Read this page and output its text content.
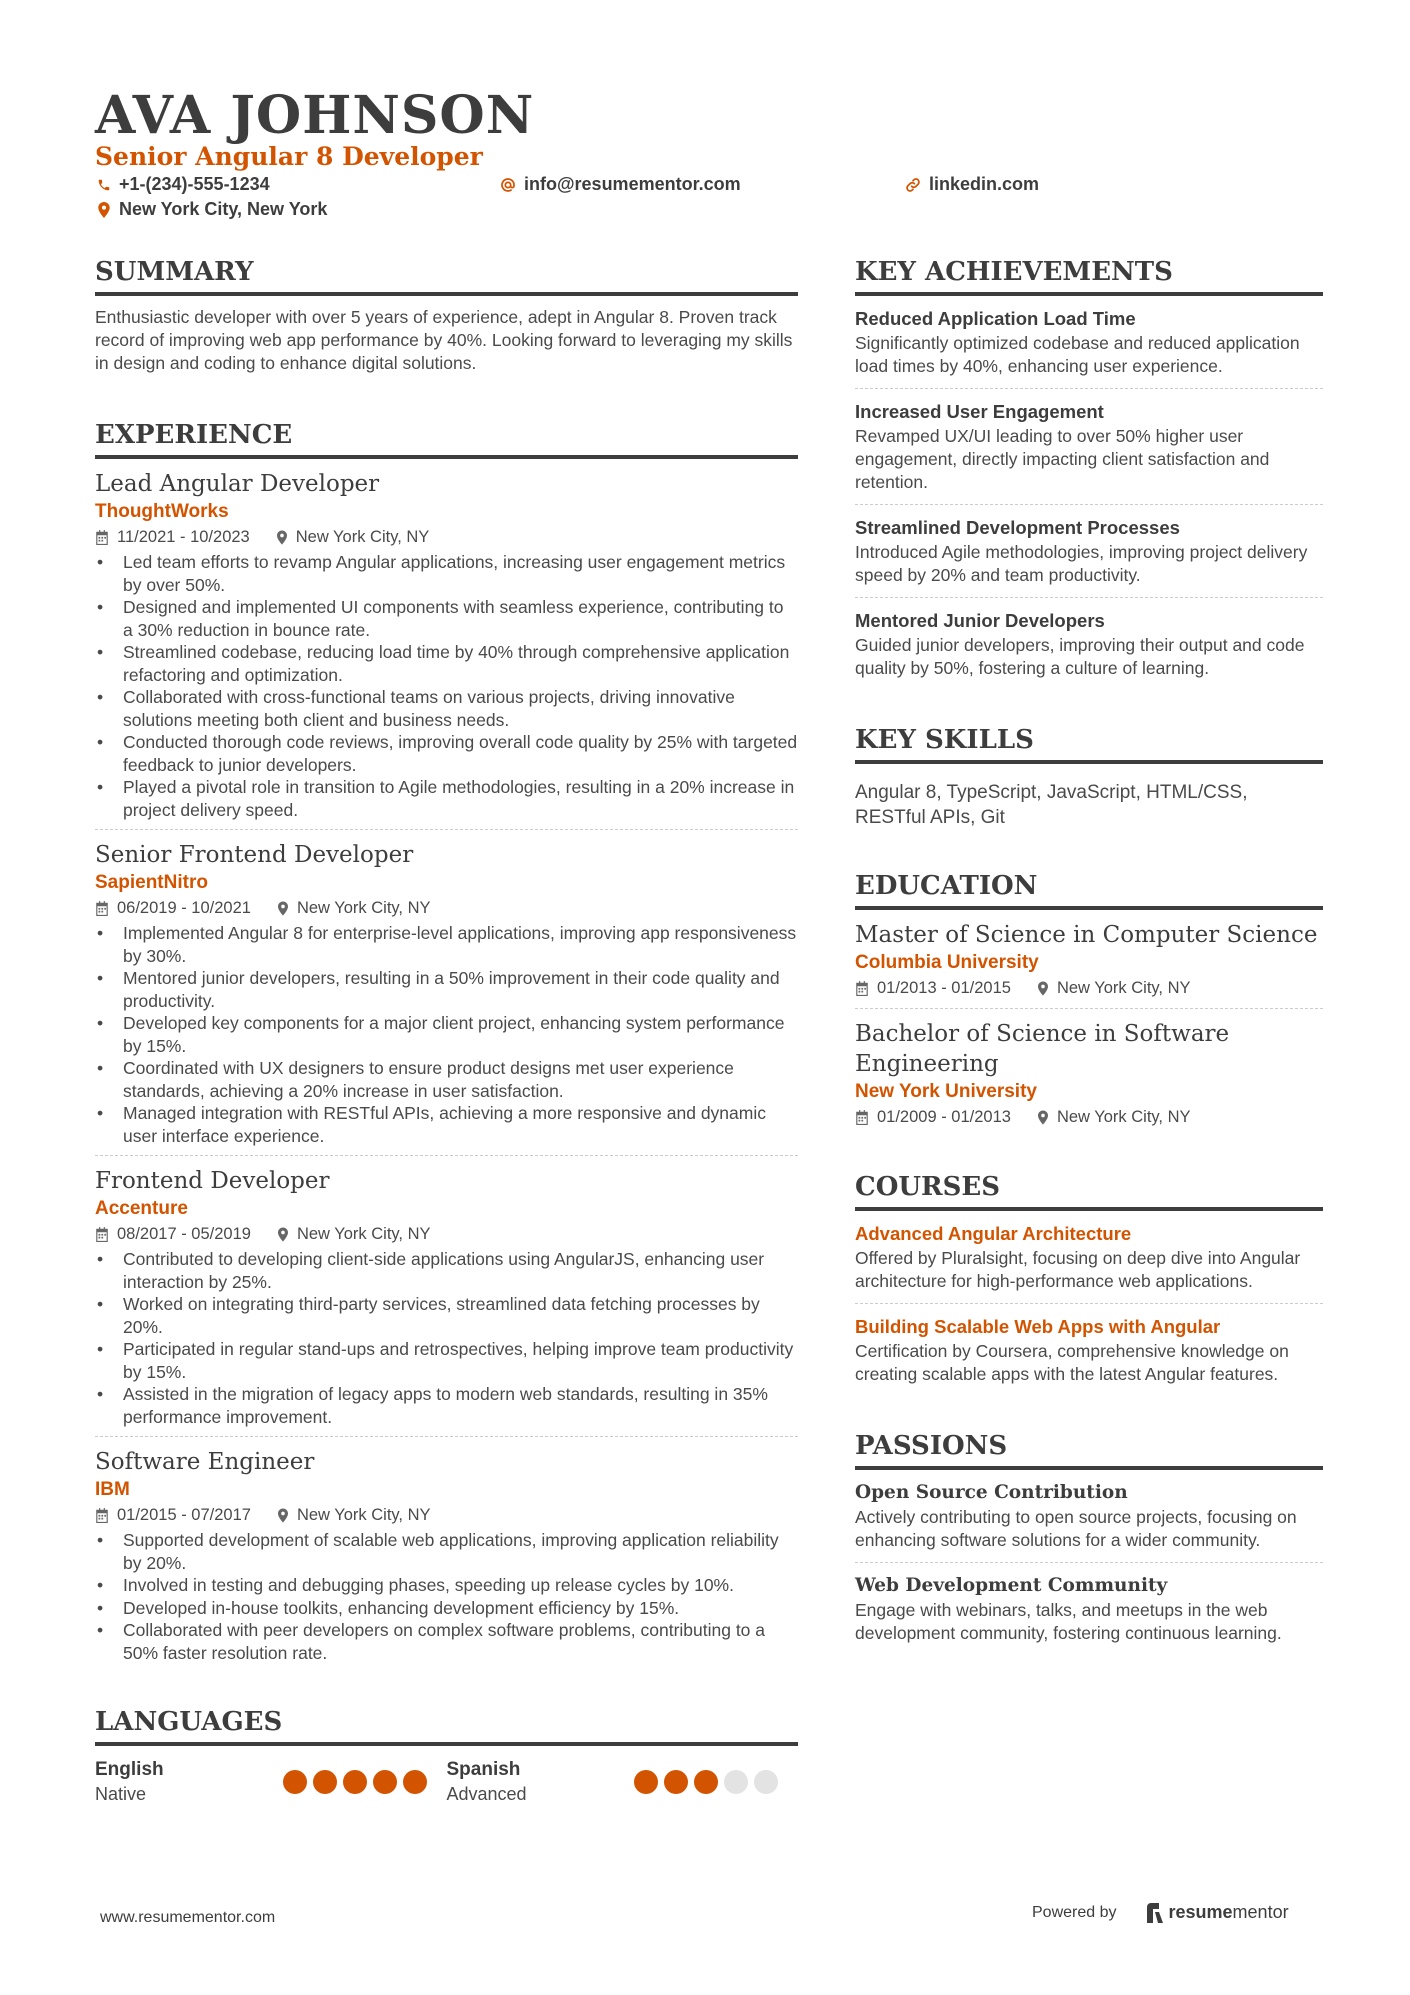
AVA JOHNSON
Senior Angular 8 Developer
+1-(234)-555-1234	info@resumementor.com	linkedin.com
New York City, New York
SUMMARY
Enthusiastic developer with over 5 years of experience, adept in Angular 8. Proven track record of improving web app performance by 40%. Looking forward to leveraging my skills in design and coding to enhance digital solutions.
EXPERIENCE
Lead Angular Developer
ThoughtWorks
11/2021 - 10/2023	New York City, NY
• Led team efforts to revamp Angular applications, increasing user engagement metrics by over 50%.
• Designed and implemented UI components with seamless experience, contributing to a 30% reduction in bounce rate.
• Streamlined codebase, reducing load time by 40% through comprehensive application refactoring and optimization.
• Collaborated with cross-functional teams on various projects, driving innovative solutions meeting both client and business needs.
• Conducted thorough code reviews, improving overall code quality by 25% with targeted feedback to junior developers.
• Played a pivotal role in transition to Agile methodologies, resulting in a 20% increase in project delivery speed.
Senior Frontend Developer
SapientNitro
06/2019 - 10/2021	New York City, NY
• Implemented Angular 8 for enterprise-level applications, improving app responsiveness by 30%.
• Mentored junior developers, resulting in a 50% improvement in their code quality and productivity.
• Developed key components for a major client project, enhancing system performance by 15%.
• Coordinated with UX designers to ensure product designs met user experience standards, achieving a 20% increase in user satisfaction.
• Managed integration with RESTful APIs, achieving a more responsive and dynamic user interface experience.
Frontend Developer
Accenture
08/2017 - 05/2019	New York City, NY
• Contributed to developing client-side applications using AngularJS, enhancing user interaction by 25%.
• Worked on integrating third-party services, streamlined data fetching processes by 20%.
• Participated in regular stand-ups and retrospectives, helping improve team productivity by 15%.
• Assisted in the migration of legacy apps to modern web standards, resulting in 35% performance improvement.
Software Engineer
IBM
01/2015 - 07/2017	New York City, NY
• Supported development of scalable web applications, improving application reliability by 20%.
• Involved in testing and debugging phases, speeding up release cycles by 10%.
• Developed in-house toolkits, enhancing development efficiency by 15%.
• Collaborated with peer developers on complex software problems, contributing to a 50% faster resolution rate.
LANGUAGES
English
Native
Spanish
Advanced
KEY ACHIEVEMENTS
Reduced Application Load Time
Significantly optimized codebase and reduced application load times by 40%, enhancing user experience.
Increased User Engagement
Revamped UX/UI leading to over 50% higher user engagement, directly impacting client satisfaction and retention.
Streamlined Development Processes
Introduced Agile methodologies, improving project delivery speed by 20% and team productivity.
Mentored Junior Developers
Guided junior developers, improving their output and code quality by 50%, fostering a culture of learning.
KEY SKILLS
Angular 8, TypeScript, JavaScript, HTML/CSS, RESTful APIs, Git
EDUCATION
Master of Science in Computer Science
Columbia University
01/2013 - 01/2015	New York City, NY
Bachelor of Science in Software Engineering
New York University
01/2009 - 01/2013	New York City, NY
COURSES
Advanced Angular Architecture
Offered by Pluralsight, focusing on deep dive into Angular architecture for high-performance web applications.
Building Scalable Web Apps with Angular
Certification by Coursera, comprehensive knowledge on creating scalable apps with the latest Angular features.
PASSIONS
Open Source Contribution
Actively contributing to open source projects, focusing on enhancing software solutions for a wider community.
Web Development Community
Engage with webinars, talks, and meetups in the web development community, fostering continuous learning.
www.resumementor.com	Powered by	resumementor
